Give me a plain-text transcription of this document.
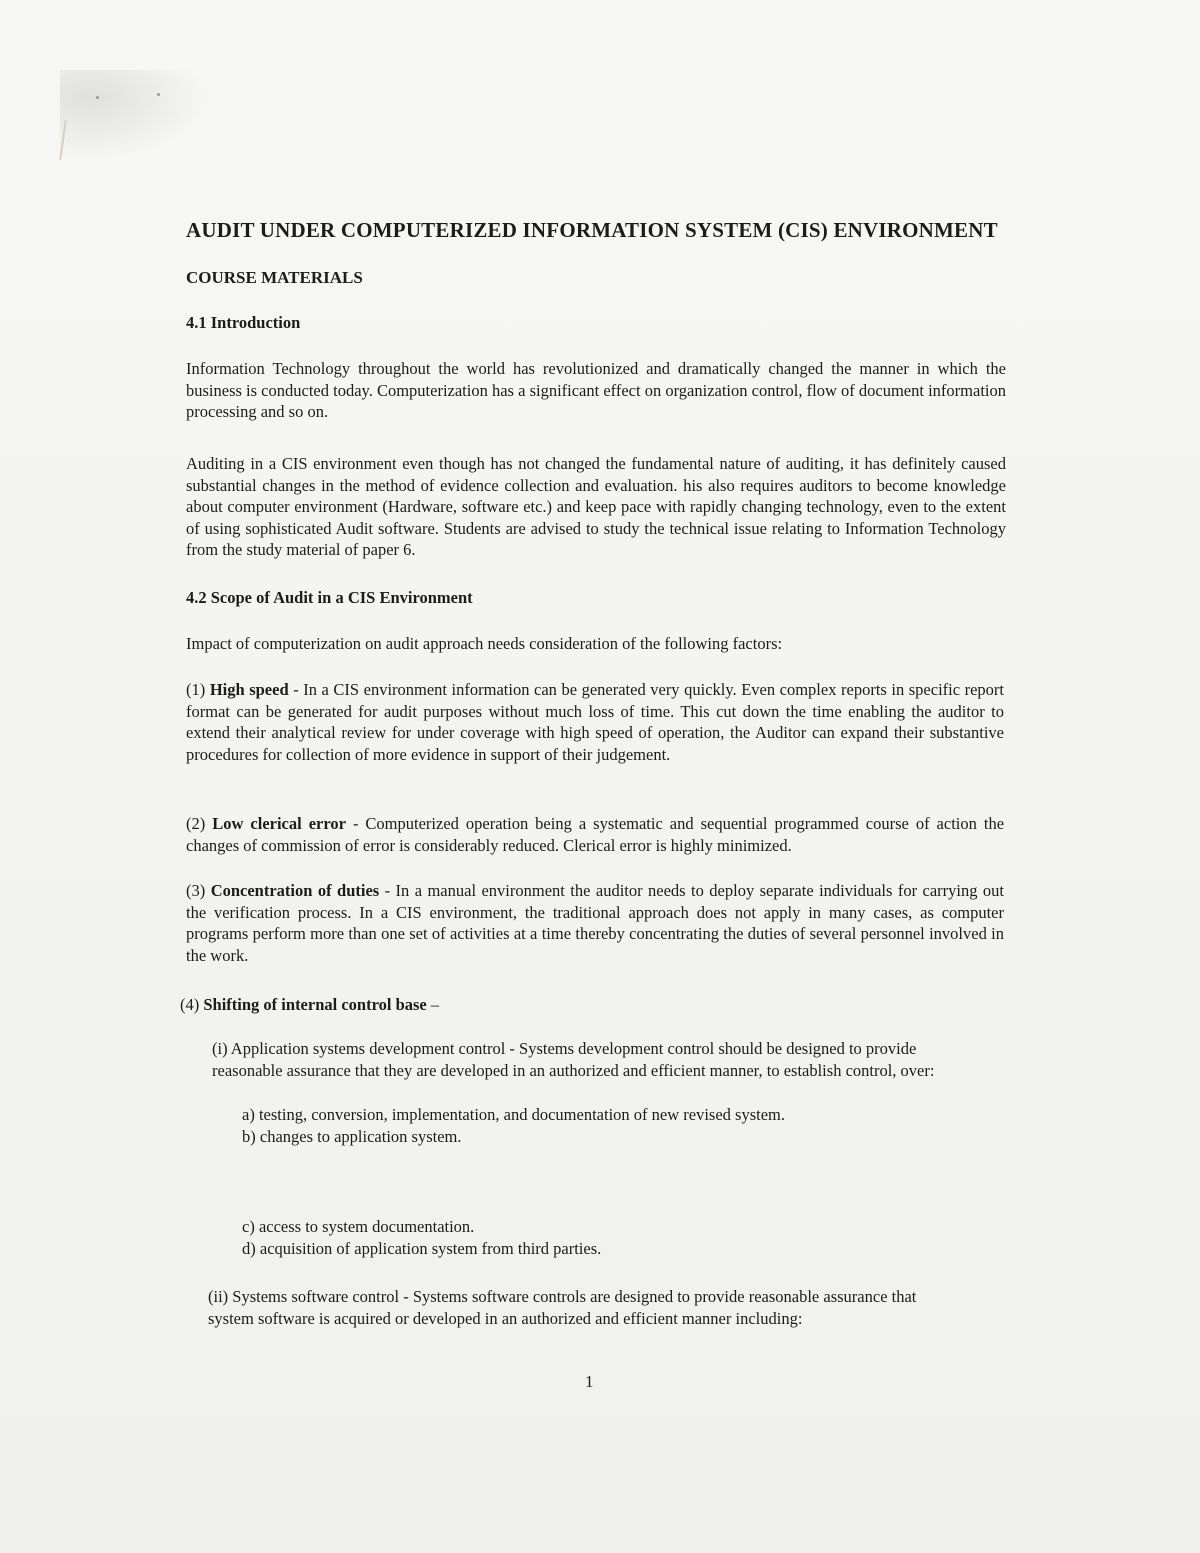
AUDIT UNDER COMPUTERIZED INFORMATION SYSTEM (CIS) ENVIRONMENT
COURSE MATERIALS
4.1 Introduction

Information Technology throughout the world has revolutionized and dramatically changed the manner in which the business is conducted today. Computerization has a significant effect on organization control, flow of document information processing and so on.

Auditing in a CIS environment even though has not changed the fundamental nature of auditing, it has definitely caused substantial changes in the method of evidence collection and evaluation. his also requires auditors to become knowledge about computer environment (Hardware, software etc.) and keep pace with rapidly changing technology, even to the extent of using sophisticated Audit software. Students are advised to study the technical issue relating to Information Technology from the study material of paper 6.

4.2 Scope of Audit in a CIS Environment

Impact of computerization on audit approach needs consideration of the following factors:

(1) High speed - In a CIS environment information can be generated very quickly. Even complex reports in specific report format can be generated for audit purposes without much loss of time. This cut down the time enabling the auditor to extend their analytical review for under coverage with high speed of operation, the Auditor can expand their substantive procedures for collection of more evidence in support of their judgement.

(2) Low clerical error - Computerized operation being a systematic and sequential programmed course of action the changes of commission of error is considerably reduced. Clerical error is highly minimized.

(3) Concentration of duties - In a manual environment the auditor needs to deploy separate individuals for carrying out the verification process. In a CIS environment, the traditional approach does not apply in many cases, as computer programs perform more than one set of activities at a time thereby concentrating the duties of several personnel involved in the work.

(4) Shifting of internal control base –

(i) Application systems development control - Systems development control should be designed to provide reasonable assurance that they are developed in an authorized and efficient manner, to establish control, over:

a) testing, conversion, implementation, and documentation of new revised system.
b) changes to application system.
c) access to system documentation.
d) acquisition of application system from third parties.

(ii) Systems software control - Systems software controls are designed to provide reasonable assurance that system software is acquired or developed in an authorized and efficient manner including:

1
